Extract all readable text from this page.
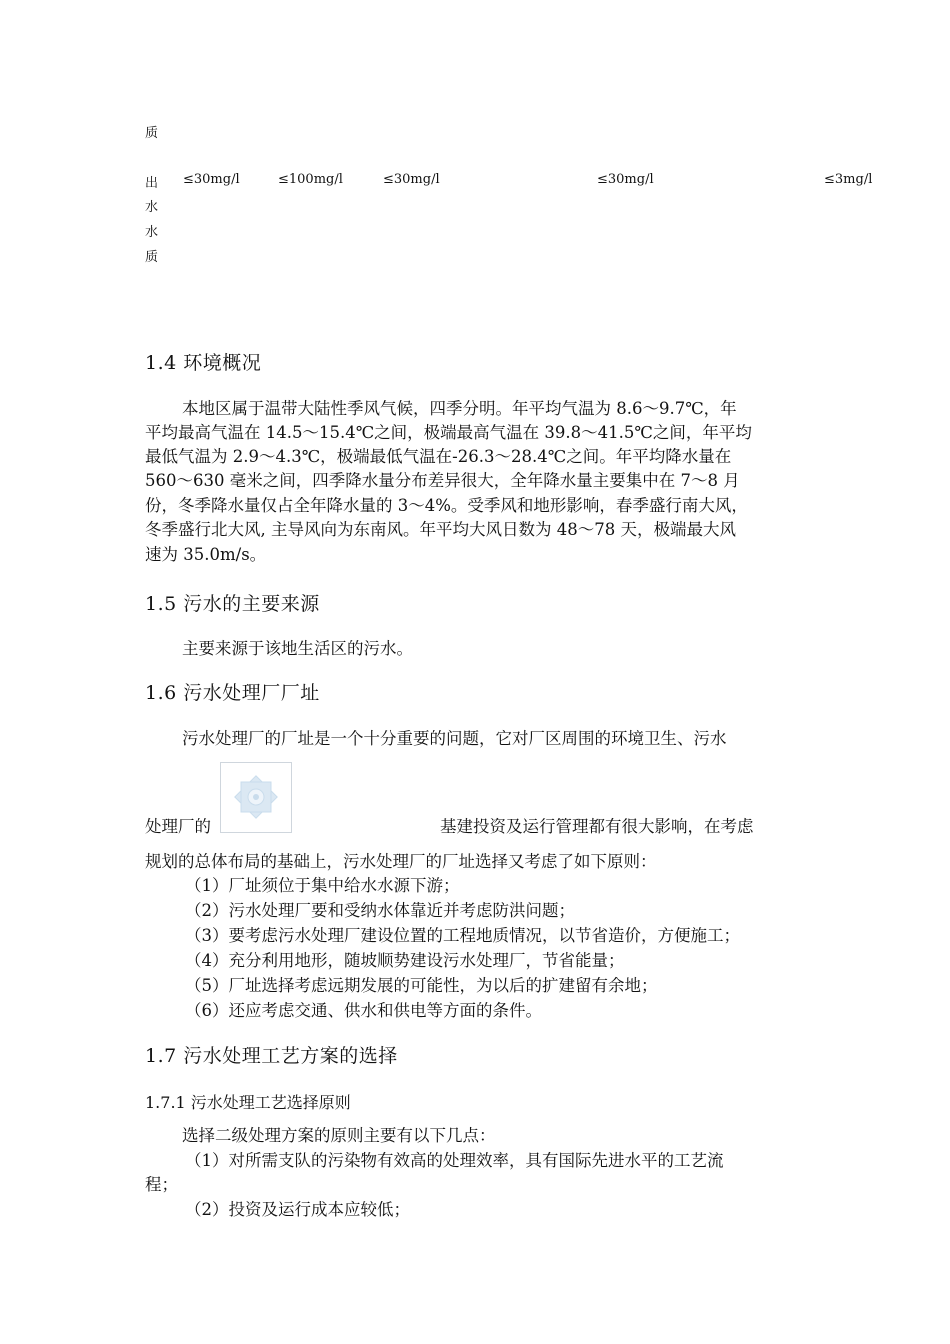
质
出
水
水
质
≤30mg/l	≤100mg/l	≤30mg/l	≤30mg/l	≤3mg/l
1.4 环境概况
本地区属于温带大陆性季风气候，四季分明。年平均气温为 8.6～9.7℃，年
平均最高气温在 14.5～15.4℃之间，极端最高气温在 39.8～41.5℃之间，年平均
最低气温为 2.9～4.3℃，极端最低气温在-26.3～28.4℃之间。年平均降水量在
560～630 毫米之间，四季降水量分布差异很大，全年降水量主要集中在 7～8 月
份，冬季降水量仅占全年降水量的 3～4%。受季风和地形影响，春季盛行南大风，
冬季盛行北大风, 主导风向为东南风。年平均大风日数为 48～78 天，极端最大风
速为 35.0m/s。
1.5 污水的主要来源
主要来源于该地生活区的污水。
1.6 污水处理厂厂址
污水处理厂的厂址是一个十分重要的问题，它对厂区周围的环境卫生、污水
处理厂的	基建投资及运行管理都有很大影响，在考虑
规划的总体布局的基础上，污水处理厂的厂址选择又考虑了如下原则：
（1）厂址须位于集中给水水源下游；
（2）污水处理厂要和受纳水体靠近并考虑防洪问题；
（3）要考虑污水处理厂建设位置的工程地质情况，以节省造价，方便施工；
（4）充分利用地形，随坡顺势建设污水处理厂，节省能量；
（5）厂址选择考虑远期发展的可能性，为以后的扩建留有余地；
（6）还应考虑交通、供水和供电等方面的条件。
1.7 污水处理工艺方案的选择
1.7.1 污水处理工艺选择原则
选择二级处理方案的原则主要有以下几点：
（1）对所需支队的污染物有效高的处理效率，具有国际先进水平的工艺流
程；
（2）投资及运行成本应较低；
